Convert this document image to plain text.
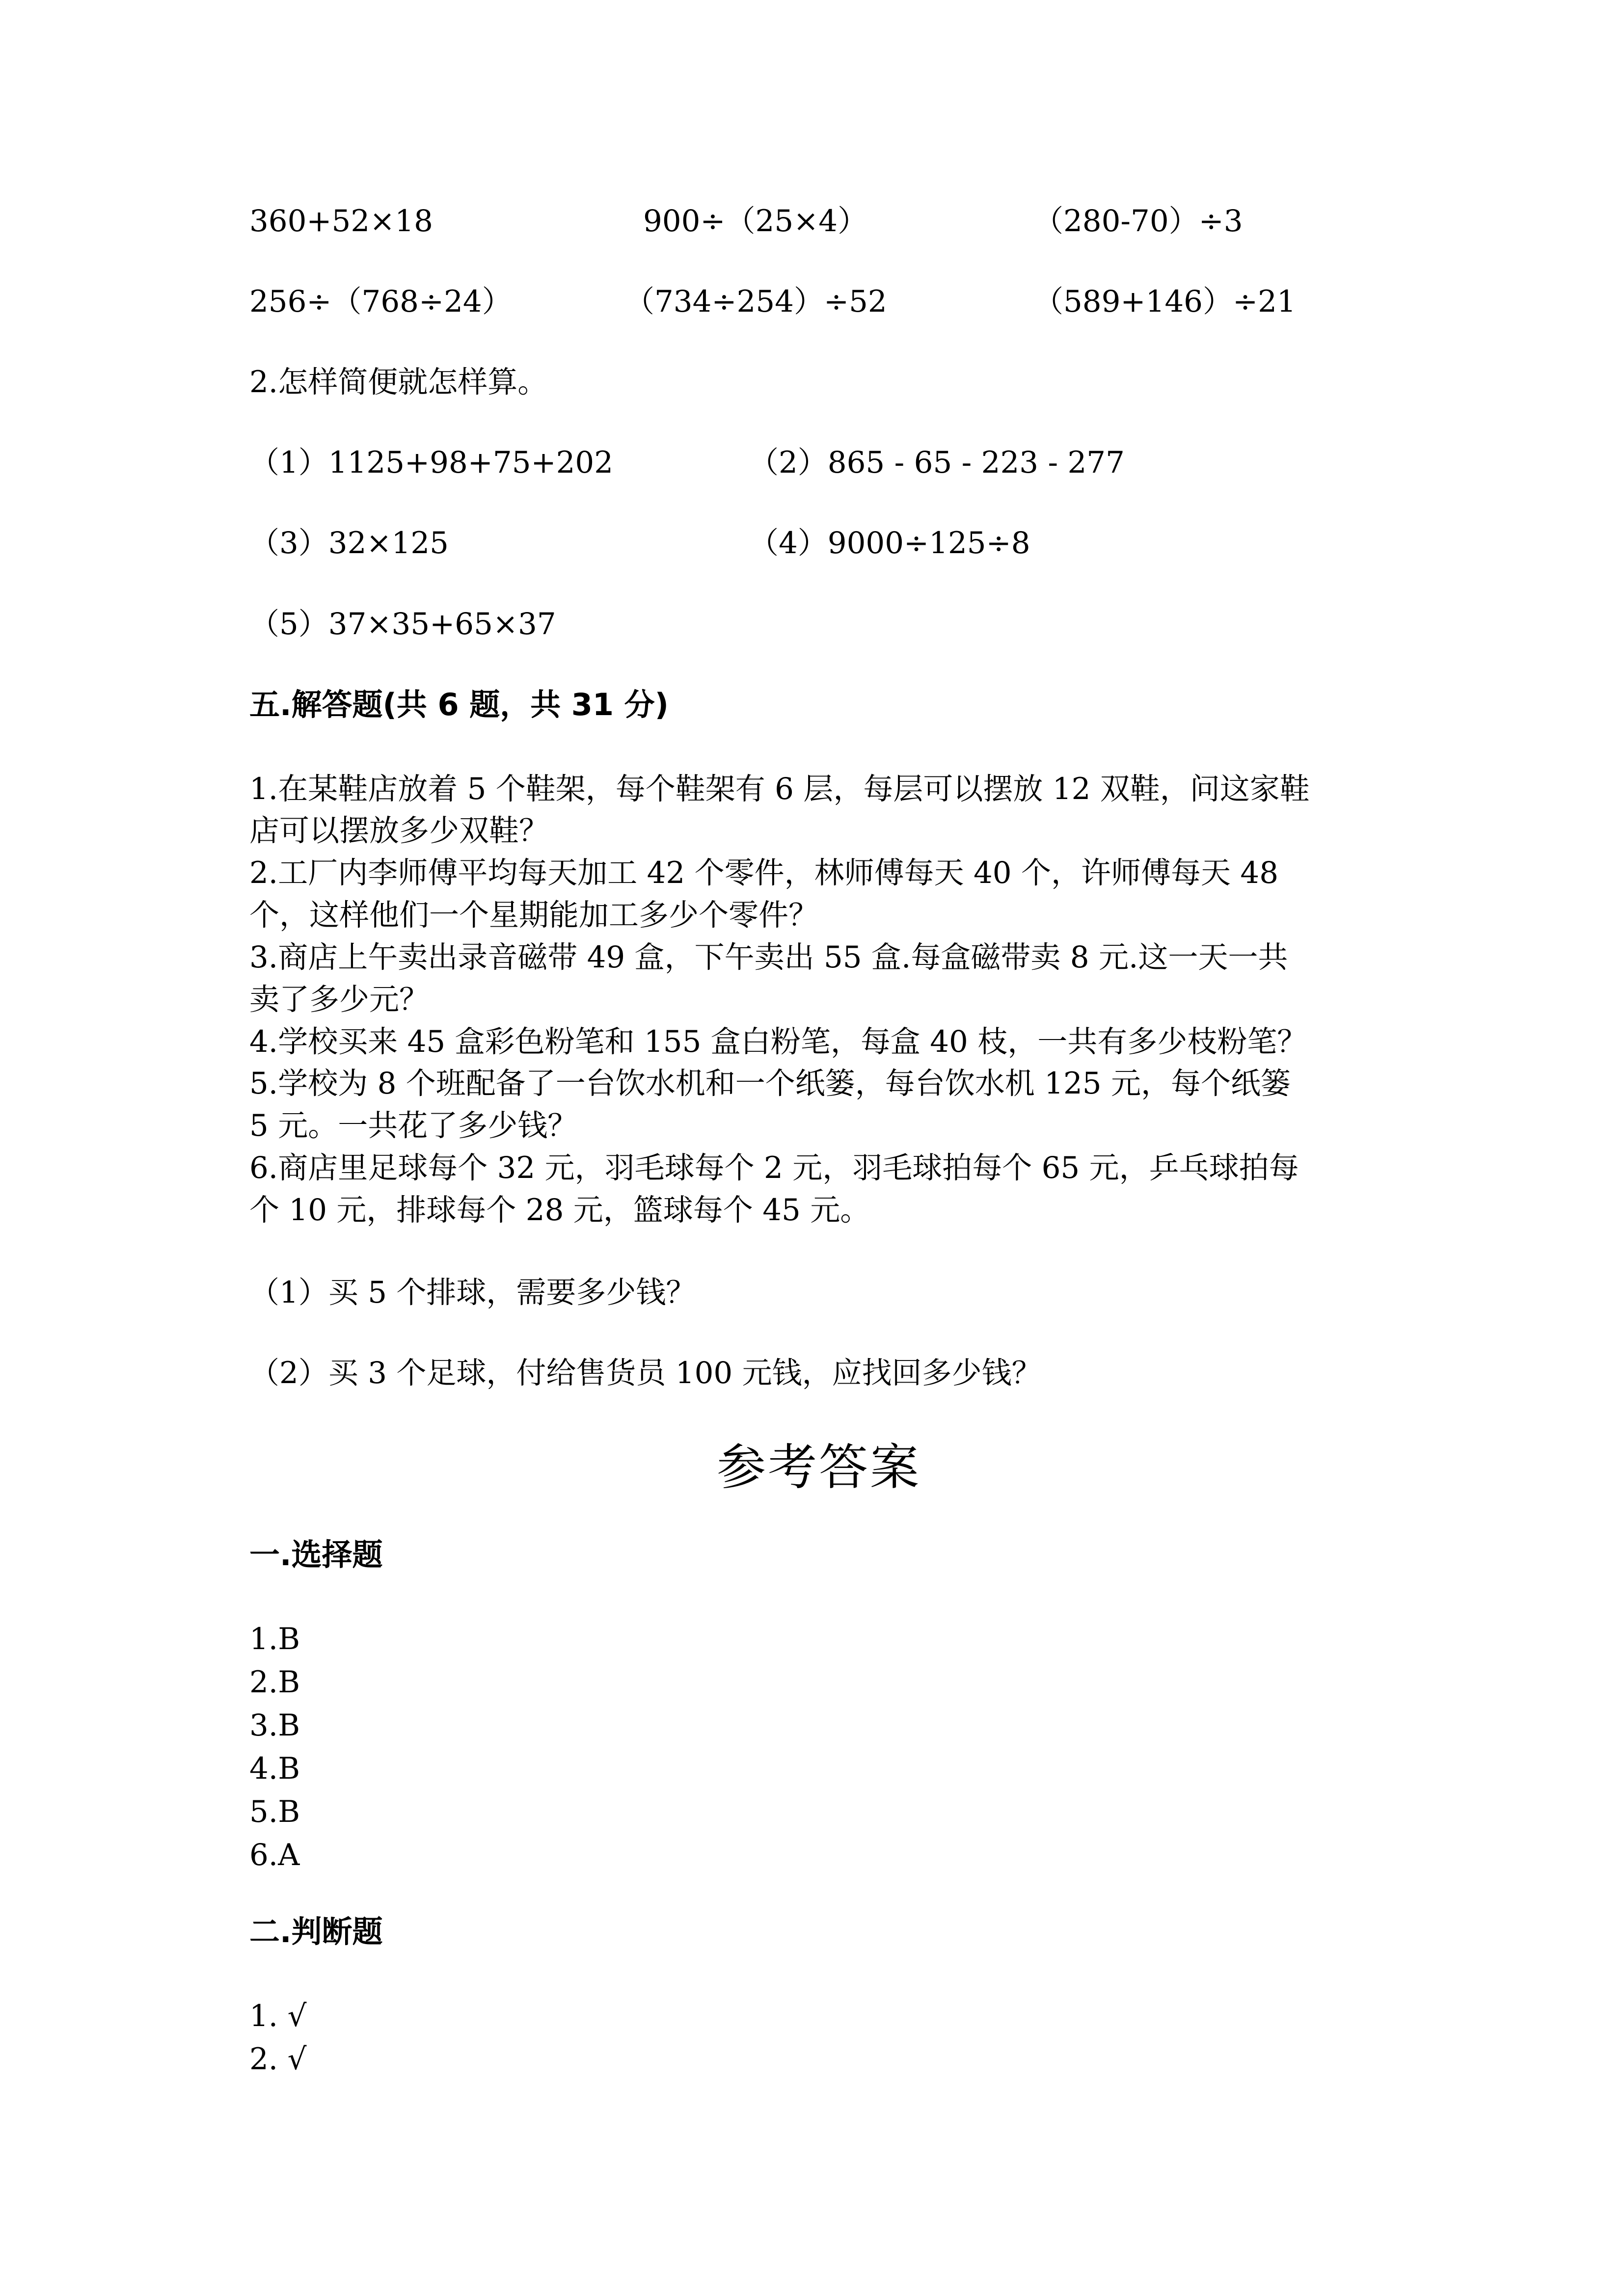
360+52×18	900÷（25×4）	（280-70）÷3

256÷（768÷24）	（734÷254）÷52	（589+146）÷21

2.怎样简便就怎样算。

（1）1125+98+75+202	（2）865 - 65 - 223 - 277

（3）32×125	（4）9000÷125÷8

（5）37×35+65×37

五.解答题(共 6 题，共 31 分)

1.在某鞋店放着 5 个鞋架，每个鞋架有 6 层，每层可以摆放 12 双鞋，问这家鞋

店可以摆放多少双鞋？

2.工厂内李师傅平均每天加工 42 个零件，林师傅每天 40 个，许师傅每天 48

个，这样他们一个星期能加工多少个零件？

3.商店上午卖出录音磁带 49 盒，下午卖出 55 盒.每盒磁带卖 8 元.这一天一共

卖了多少元？

4.学校买来 45 盒彩色粉笔和 155 盒白粉笔，每盒 40 枝，一共有多少枝粉笔？

5.学校为 8 个班配备了一台饮水机和一个纸篓，每台饮水机 125 元，每个纸篓

5 元。一共花了多少钱？

6.商店里足球每个 32 元，羽毛球每个 2 元，羽毛球拍每个 65 元，乒乓球拍每

个 10 元，排球每个 28 元，篮球每个 45 元。

（1）买 5 个排球，需要多少钱？

（2）买 3 个足球，付给售货员 100 元钱，应找回多少钱？

参考答案

一.选择题

1.B

2.B

3.B

4.B

5.B

6.A

二.判断题

1. √

2. √
